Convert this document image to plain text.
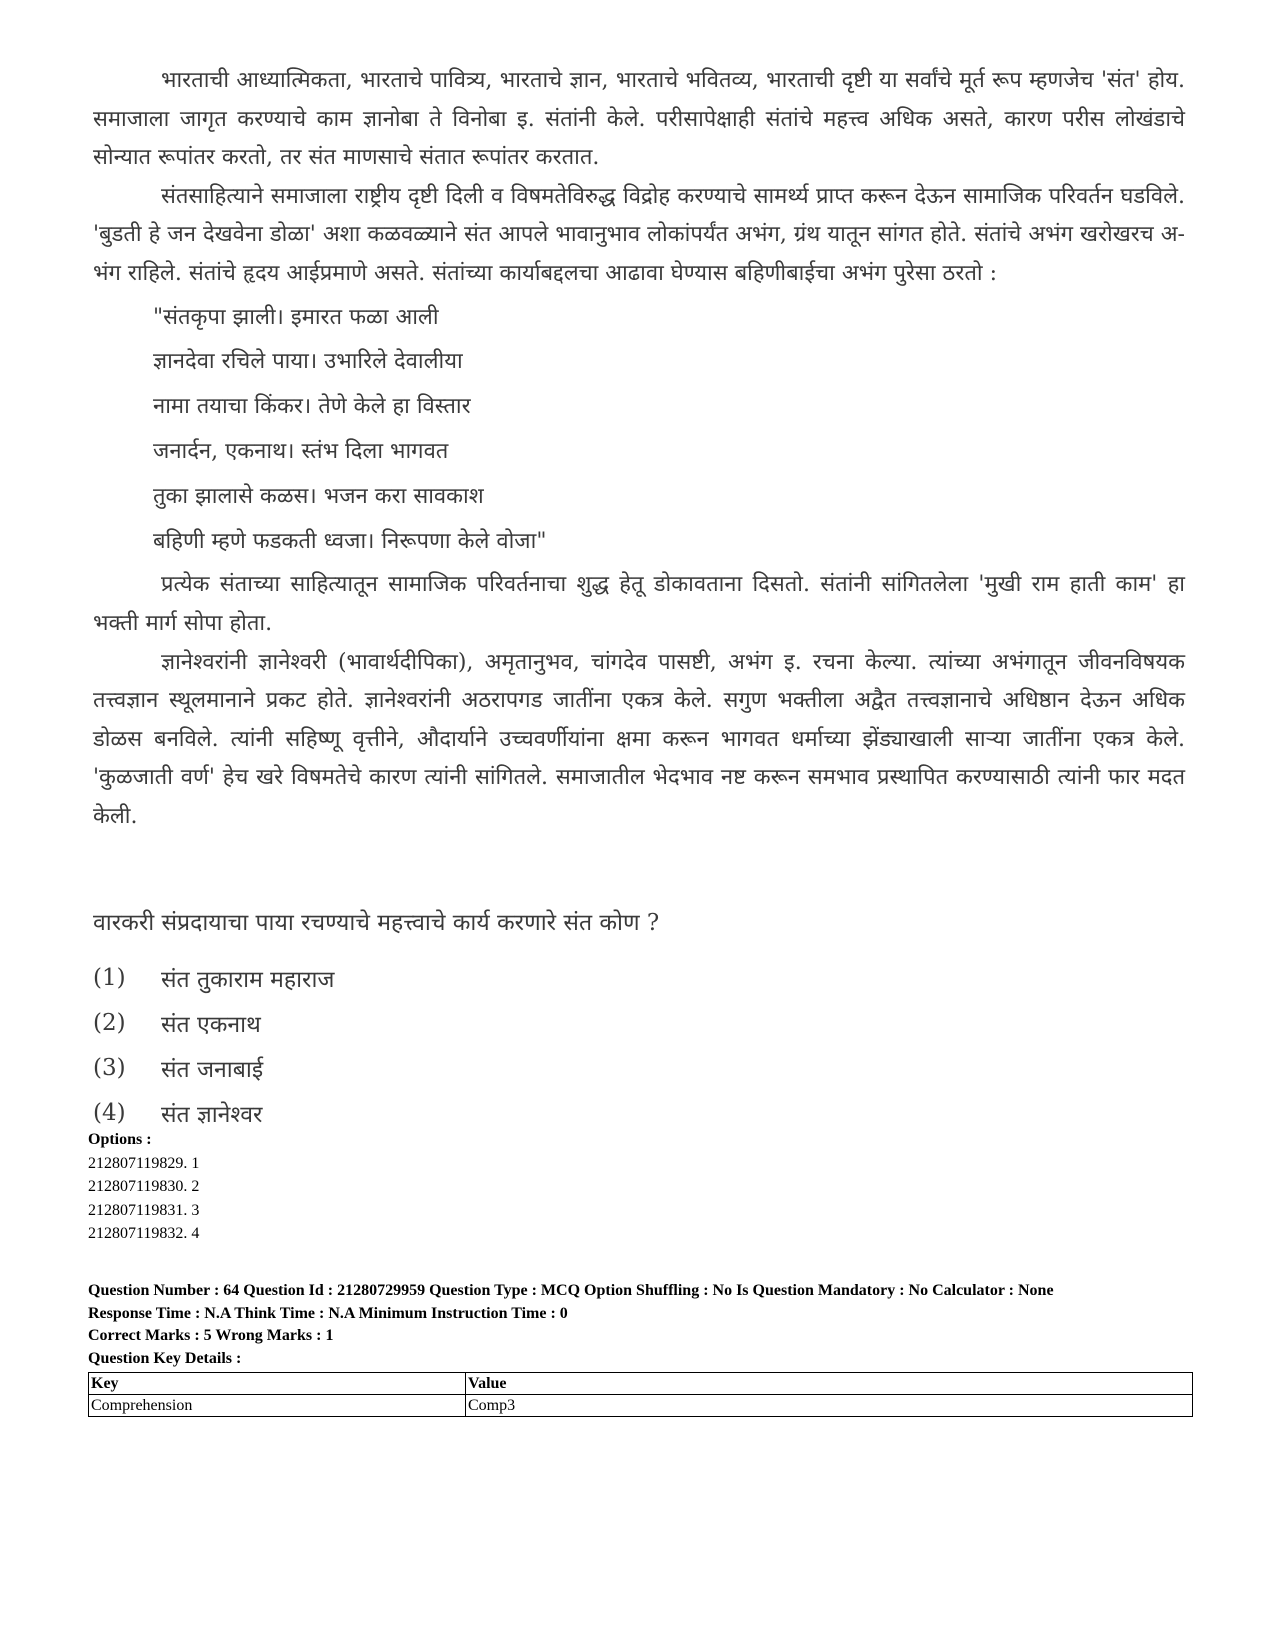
भारताची आध्यात्मिकता, भारताचे पावित्र्य, भारताचे ज्ञान, भारताचे भवितव्य, भारताची दृष्टी या सर्वांचे मूर्त रूप म्हणजेच 'संत' होय. समाजाला जागृत करण्याचे काम ज्ञानोबा ते विनोबा इ. संतांनी केले. परीसापेक्षाही संतांचे महत्त्व अधिक असते, कारण परीस लोखंडाचे सोन्यात रूपांतर करतो, तर संत माणसाचे संतात रूपांतर करतात.

संतसाहित्याने समाजाला राष्ट्रीय दृष्टी दिली व विषमतेविरुद्ध विद्रोह करण्याचे सामर्थ्य प्राप्त करून देऊन सामाजिक परिवर्तन घडविले. 'बुडती हे जन देखवेना डोळा' अशा कळवळ्याने संत आपले भावानुभाव लोकांपर्यंत अभंग, ग्रंथ यातून सांगत होते. संतांचे अभंग खरोखरच अ-भंग राहिले. संतांचे हृदय आईप्रमाणे असते. संतांच्या कार्याबद्दलचा आढावा घेण्यास बहिणीबाईचा अभंग पुरेसा ठरतो :

"संतकृपा झाली। इमारत फळा आली
ज्ञानदेवा रचिले पाया। उभारिले देवालीया
नामा तयाचा किंकर। तेणे केले हा विस्तार
जनार्दन, एकनाथ। स्तंभ दिला भागवत
तुका झालासे कळस। भजन करा सावकाश
बहिणी म्हणे फडकती ध्वजा। निरूपणा केले वोजा"

प्रत्येक संताच्या साहित्यातून सामाजिक परिवर्तनाचा शुद्ध हेतू डोकावताना दिसतो. संतांनी सांगितलेला 'मुखी राम हाती काम' हा भक्ती मार्ग सोपा होता.

ज्ञानेश्वरांनी ज्ञानेश्वरी (भावार्थदीपिका), अमृतानुभव, चांगदेव पासष्टी, अभंग इ. रचना केल्या. त्यांच्या अभंगातून जीवनविषयक तत्त्वज्ञान स्थूलमानाने प्रकट होते. ज्ञानेश्वरांनी अठरापगड जातींना एकत्र केले. सगुण भक्तीला अद्वैत तत्त्वज्ञानाचे अधिष्ठान देऊन अधिक डोळस बनविले. त्यांनी सहिष्णू वृत्तीने, औदार्याने उच्चवर्णीयांना क्षमा करून भागवत धर्माच्या झेंड्याखाली साऱ्या जातींना एकत्र केले. 'कुळजाती वर्ण' हेच खरे विषमतेचे कारण त्यांनी सांगितले. समाजातील भेदभाव नष्ट करून समभाव प्रस्थापित करण्यासाठी त्यांनी फार मदत केली.

वारकरी संप्रदायाचा पाया रचण्याचे महत्त्वाचे कार्य करणारे संत कोण ?
(1)	संत तुकाराम महाराज
(2)	संत एकनाथ
(3)	संत जनाबाई
(4)	संत ज्ञानेश्वर
Options :
212807119829. 1
212807119830. 2
212807119831. 3
212807119832. 4
Question Number : 64 Question Id : 21280729959 Question Type : MCQ Option Shuffling : No Is Question Mandatory : No Calculator : None
Response Time : N.A Think Time : N.A Minimum Instruction Time : 0
Correct Marks : 5 Wrong Marks : 1
Question Key Details :
Key	Value
Comprehension	Comp3
